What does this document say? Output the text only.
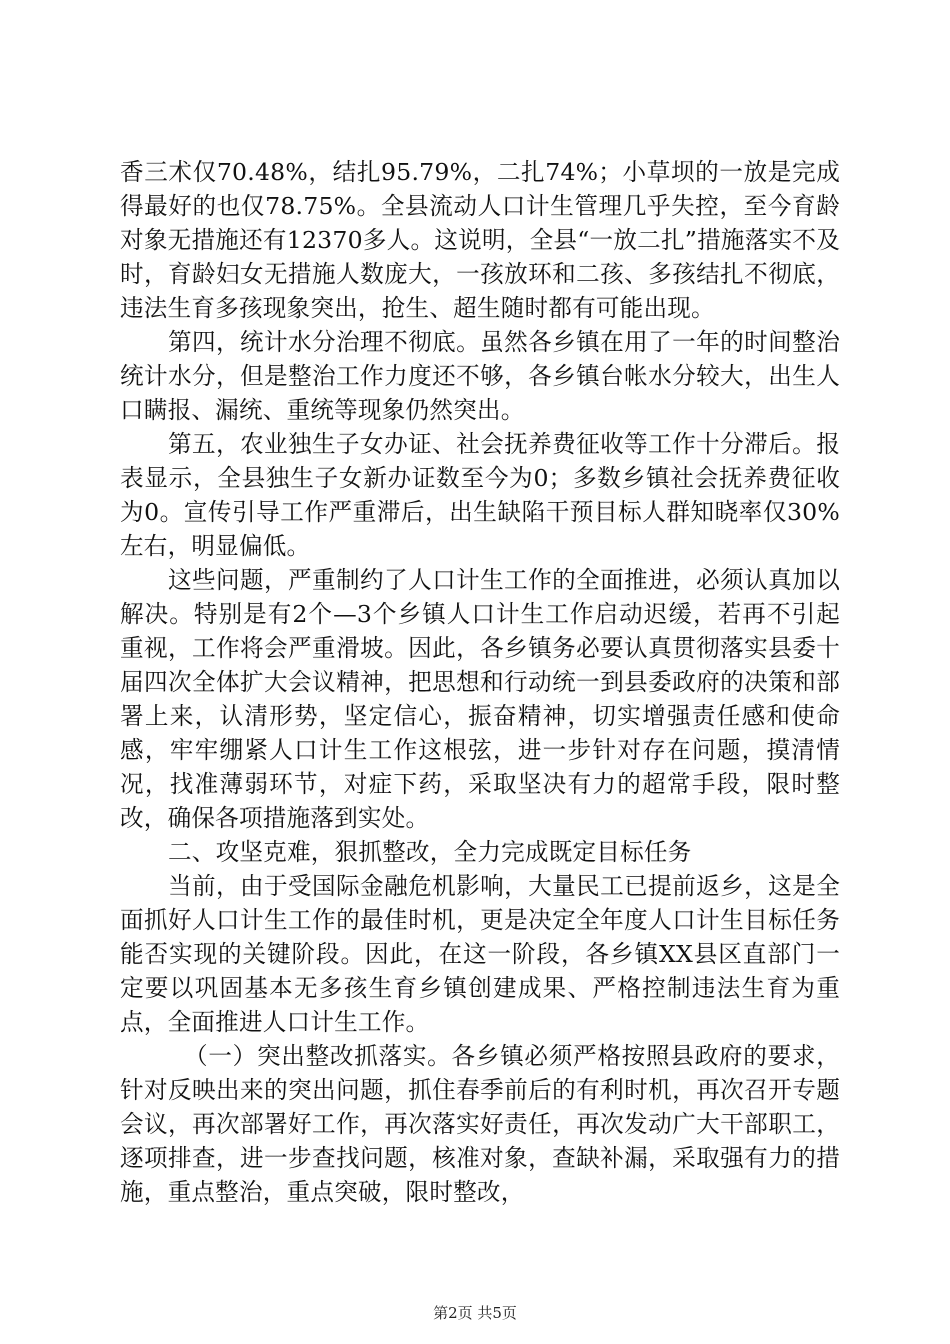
香三术仅70.48%，结扎95.79%，二扎74%；小草坝的一放是完成得最好的也仅78.75%。全县流动人口计生管理几乎失控，至今育龄对象无措施还有12370多人。这说明，全县“一放二扎”措施落实不及时，育龄妇女无措施人数庞大，一孩放环和二孩、多孩结扎不彻底，违法生育多孩现象突出，抢生、超生随时都有可能出现。

第四，统计水分治理不彻底。虽然各乡镇在用了一年的时间整治统计水分，但是整治工作力度还不够，各乡镇台帐水分较大，出生人口瞒报、漏统、重统等现象仍然突出。

第五，农业独生子女办证、社会抚养费征收等工作十分滞后。报表显示，全县独生子女新办证数至今为0；多数乡镇社会抚养费征收为0。宣传引导工作严重滞后，出生缺陷干预目标人群知晓率仅30%左右，明显偏低。

这些问题，严重制约了人口计生工作的全面推进，必须认真加以解决。特别是有2个—3个乡镇人口计生工作启动迟缓，若再不引起重视，工作将会严重滑坡。因此，各乡镇务必要认真贯彻落实县委十届四次全体扩大会议精神，把思想和行动统一到县委政府的决策和部署上来，认清形势，坚定信心，振奋精神，切实增强责任感和使命感，牢牢绷紧人口计生工作这根弦，进一步针对存在问题，摸清情况，找准薄弱环节，对症下药，采取坚决有力的超常手段，限时整改，确保各项措施落到实处。

二、攻坚克难，狠抓整改，全力完成既定目标任务

当前，由于受国际金融危机影响，大量民工已提前返乡，这是全面抓好人口计生工作的最佳时机，更是决定全年度人口计生目标任务能否实现的关键阶段。因此，在这一阶段，各乡镇XX县区直部门一定要以巩固基本无多孩生育乡镇创建成果、严格控制违法生育为重点，全面推进人口计生工作。

（一）突出整改抓落实。各乡镇必须严格按照县政府的要求，针对反映出来的突出问题，抓住春季前后的有利时机，再次召开专题会议，再次部署好工作，再次落实好责任，再次发动广大干部职工，逐项排查，进一步查找问题，核准对象，查缺补漏，采取强有力的措施，重点整治，重点突破，限时整改，

第2页 共5页
